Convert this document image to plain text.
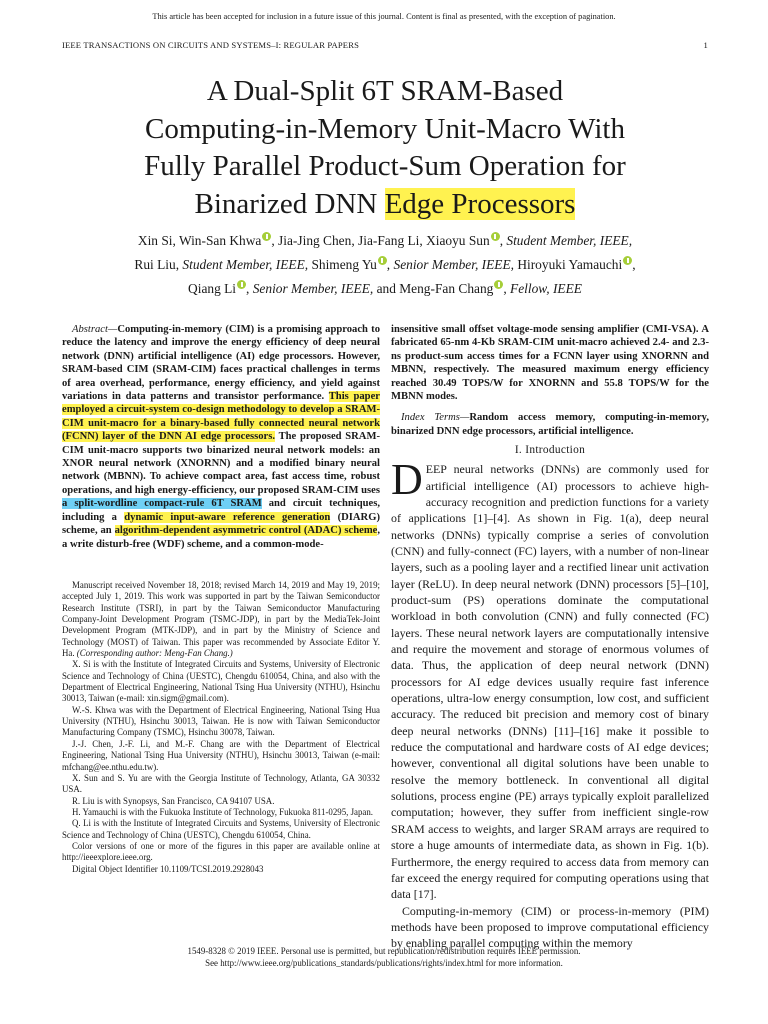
This article has been accepted for inclusion in a future issue of this journal. Content is final as presented, with the exception of pagination.
IEEE TRANSACTIONS ON CIRCUITS AND SYSTEMS–I: REGULAR PAPERS	1
A Dual-Split 6T SRAM-Based
Computing-in-Memory Unit-Macro With
Fully Parallel Product-Sum Operation for
Binarized DNN Edge Processors
Xin Si, Win-San Khwa , Jia-Jing Chen, Jia-Fang Li, Xiaoyu Sun , Student Member, IEEE,
Rui Liu, Student Member, IEEE, Shimeng Yu , Senior Member, IEEE, Hiroyuki Yamauchi ,
Qiang Li , Senior Member, IEEE, and Meng-Fan Chang , Fellow, IEEE

Abstract—Computing-in-memory (CIM) is a promising approach to reduce the latency and improve the energy efficiency of deep neural network (DNN) artificial intelligence (AI) edge processors. However, SRAM-based CIM (SRAM-CIM) faces practical challenges in terms of area overhead, performance, energy efficiency, and yield against variations in data patterns and transistor performance. This paper employed a circuit-system co-design methodology to develop a SRAM-CIM unit-macro for a binary-based fully connected neural network (FCNN) layer of the DNN AI edge processors. The proposed SRAM-CIM unit-macro supports two binarized neural network models: an XNOR neural network (XNORNN) and a modified binary neural network (MBNN). To achieve compact area, fast access time, robust operations, and high energy-efficiency, our proposed SRAM-CIM uses a split-wordline compact-rule 6T SRAM and circuit techniques, including a dynamic input-aware reference generation (DIARG) scheme, an algorithm-dependent asymmetric control (ADAC) scheme, a write disturb-free (WDF) scheme, and a common-mode-

Manuscript received November 18, 2018; revised March 14, 2019 and May 19, 2019; accepted July 1, 2019. This work was supported in part by the Taiwan Semiconductor Research Institute (TSRI), in part by the Taiwan Semiconductor Manufacturing Company-Joint Development Program (TSMC-JDP), in part by the MediaTek-Joint Development Program (MTK-JDP), and in part by the Ministry of Science and Technology (MOST) of Taiwan. This paper was recommended by Associate Editor Y. Ha. (Corresponding author: Meng-Fan Chang.)

X. Si is with the Institute of Integrated Circuits and Systems, University of Electronic Science and Technology of China (UESTC), Chengdu 610054, China, and also with the Department of Electrical Engineering, National Tsing Hua University (NTHU), Hsinchu 30013, Taiwan (e-mail: xin.sigm@gmail.com).

W.-S. Khwa was with the Department of Electrical Engineering, National Tsing Hua University (NTHU), Hsinchu 30013, Taiwan. He is now with Taiwan Semiconductor Manufacturing Company (TSMC), Hsinchu 30078, Taiwan.

J.-J. Chen, J.-F. Li, and M.-F. Chang are with the Department of Electrical Engineering, National Tsing Hua University (NTHU), Hsinchu 30013, Taiwan (e-mail: mfchang@ee.nthu.edu.tw).

X. Sun and S. Yu are with the Georgia Institute of Technology, Atlanta, GA 30332 USA.

R. Liu is with Synopsys, San Francisco, CA 94107 USA.

H. Yamauchi is with the Fukuoka Institute of Technology, Fukuoka 811-0295, Japan.

Q. Li is with the Institute of Integrated Circuits and Systems, University of Electronic Science and Technology of China (UESTC), Chengdu 610054, China.

Color versions of one or more of the figures in this paper are available online at http://ieeexplore.ieee.org.

Digital Object Identifier 10.1109/TCSI.2019.2928043

insensitive small offset voltage-mode sensing amplifier (CMI-VSA). A fabricated 65-nm 4-Kb SRAM-CIM unit-macro achieved 2.4- and 2.3-ns product-sum access times for a FCNN layer using XNORNN and MBNN, respectively. The measured maximum energy efficiency reached 30.49 TOPS/W for XNORNN and 55.8 TOPS/W for the MBNN modes.

Index Terms—Random access memory, computing-in-memory, binarized DNN edge processors, artificial intelligence.
I. Introduction

DEEP neural networks (DNNs) are commonly used for artificial intelligence (AI) processors to achieve high-accuracy recognition and prediction functions for a variety of applications [1]–[4]. As shown in Fig. 1(a), deep neural networks (DNNs) typically comprise a series of convolution (CNN) and fully-connect (FC) layers, with a number of non-linear layers, such as a pooling layer and a rectified linear unit activation layer (ReLU). In deep neural network (DNN) processors [5]–[10], product-sum (PS) operations dominate the computational workload in both convolution (CNN) and fully connected (FC) layers. These neural network layers are computationally intensive and require the movement and storage of enormous volumes of data. Thus, the application of deep neural network (DNN) processors for AI edge devices usually require fast inference operations, ultra-low energy consumption, low cost, and sufficient accuracy. The reduced bit precision and memory cost of binary deep neural networks (DNNs) [11]–[16] make it possible to reduce the computational and hardware costs of AI edge devices; however, conventional all digital solutions have been unable to resolve the memory bottleneck. In conventional all digital solutions, process engine (PE) arrays typically exploit parallelized computation; however, they suffer from inefficient single-row SRAM access to weights, and larger SRAM arrays are required to store a huge amounts of intermediate data, as shown in Fig. 1(b). Furthermore, the energy required to access data from memory can far exceed the energy required for computing operations using that data [17].

Computing-in-memory (CIM) or process-in-memory (PIM) methods have been proposed to improve computational efficiency by enabling parallel computing within the memory

1549-8328 © 2019 IEEE. Personal use is permitted, but republication/redistribution requires IEEE permission.
See http://www.ieee.org/publications_standards/publications/rights/index.html for more information.
